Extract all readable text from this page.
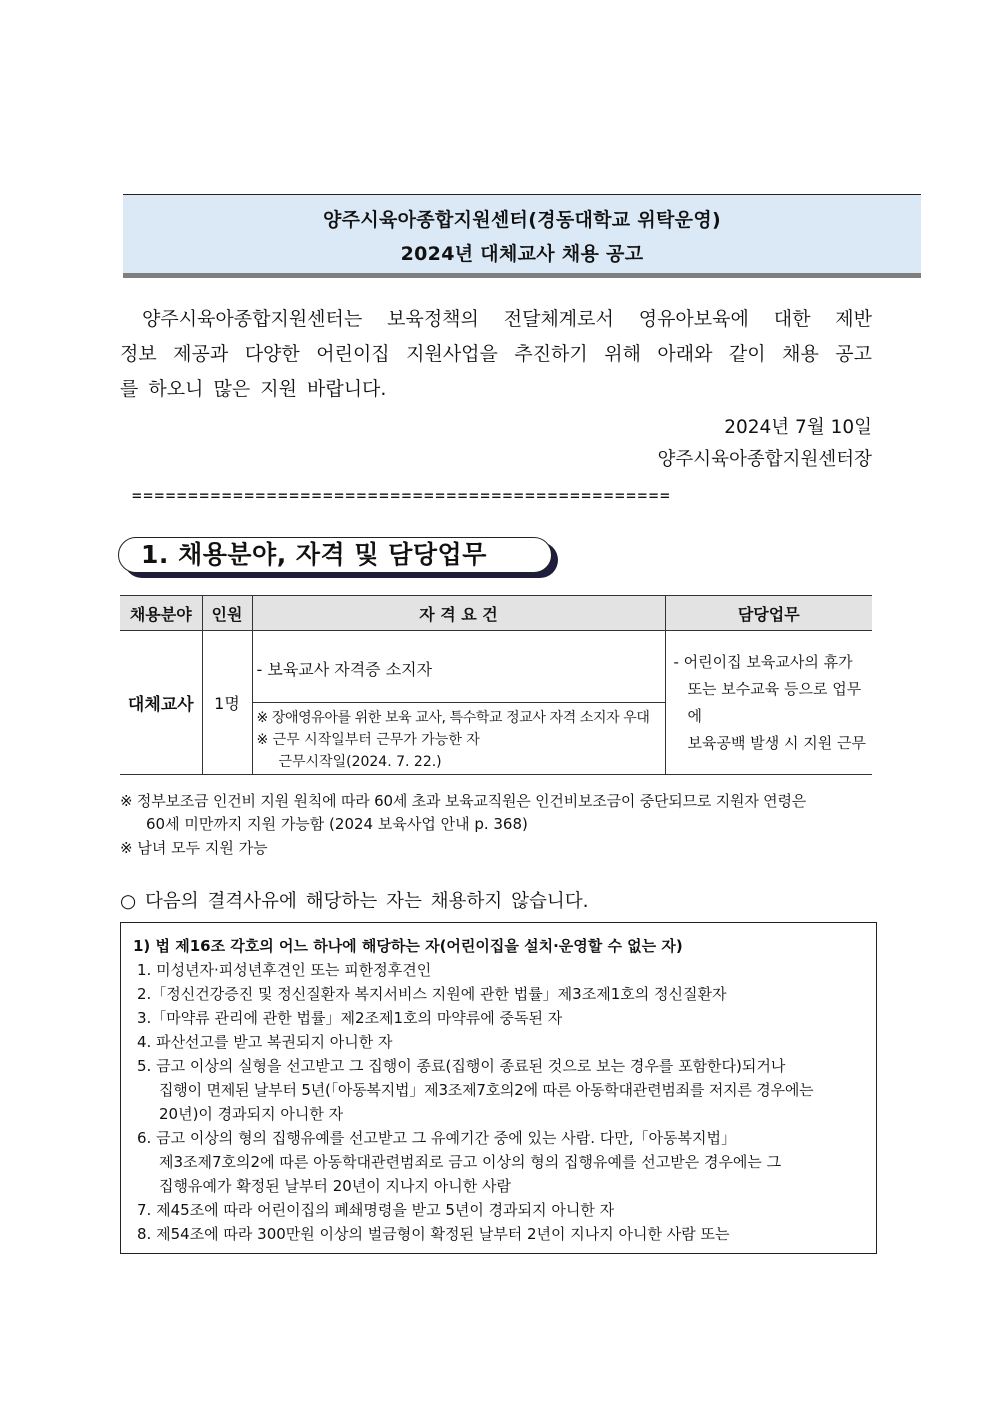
양주시육아종합지원센터(경동대학교 위탁운영)
2024년 대체교사 채용 공고
양주시육아종합지원센터는 보육정책의 전달체계로서 영유아보육에 대한 제반
정보 제공과 다양한 어린이집 지원사업을 추진하기 위해 아래와 같이 채용 공고
를 하오니 많은 지원 바랍니다.
2024년 7월 10일
양주시육아종합지원센터장
================================================
1. 채용분야, 자격 및 담당업무
채용분야	인원	자 격 요 건	담당업무
대체교사	1명	- 보육교사 자격증 소지자	- 어린이집 보육교사의 휴가
또는 보수교육 등으로 업무에
보육공백 발생 시 지원 근무

		※ 장애영유아를 위한 보육 교사, 특수학교 정교사 자격 소지자 우대
※ 근무 시작일부터 근무가 가능한 자
근무시작일(2024. 7. 22.)	
※ 정부보조금 인건비 지원 원칙에 따라 60세 초과 보육교직원은 인건비보조금이 중단되므로 지원자 연령은
60세 미만까지 지원 가능함 (2024 보육사업 안내 p. 368)
※ 남녀 모두 지원 가능
○ 다음의 결격사유에 해당하는 자는 채용하지 않습니다.
1) 법 제16조 각호의 어느 하나에 해당하는 자(어린이집을 설치·운영할 수 없는 자)
1. 미성년자·피성년후견인 또는 피한정후견인
2.「정신건강증진 및 정신질환자 복지서비스 지원에 관한 법률」제3조제1호의 정신질환자
3.「마약류 관리에 관한 법률」제2조제1호의 마약류에 중독된 자
4. 파산선고를 받고 복권되지 아니한 자
5. 금고 이상의 실형을 선고받고 그 집행이 종료(집행이 종료된 것으로 보는 경우를 포함한다)되거나
집행이 면제된 날부터 5년(「아동복지법」제3조제7호의2에 따른 아동학대관련범죄를 저지른 경우에는
20년)이 경과되지 아니한 자
6. 금고 이상의 형의 집행유예를 선고받고 그 유예기간 중에 있는 사람. 다만,「아동복지법」
제3조제7호의2에 따른 아동학대관련범죄로 금고 이상의 형의 집행유예를 선고받은 경우에는 그
집행유예가 확정된 날부터 20년이 지나지 아니한 사람
7. 제45조에 따라 어린이집의 폐쇄명령을 받고 5년이 경과되지 아니한 자
8. 제54조에 따라 300만원 이상의 벌금형이 확정된 날부터 2년이 지나지 아니한 사람 또는
